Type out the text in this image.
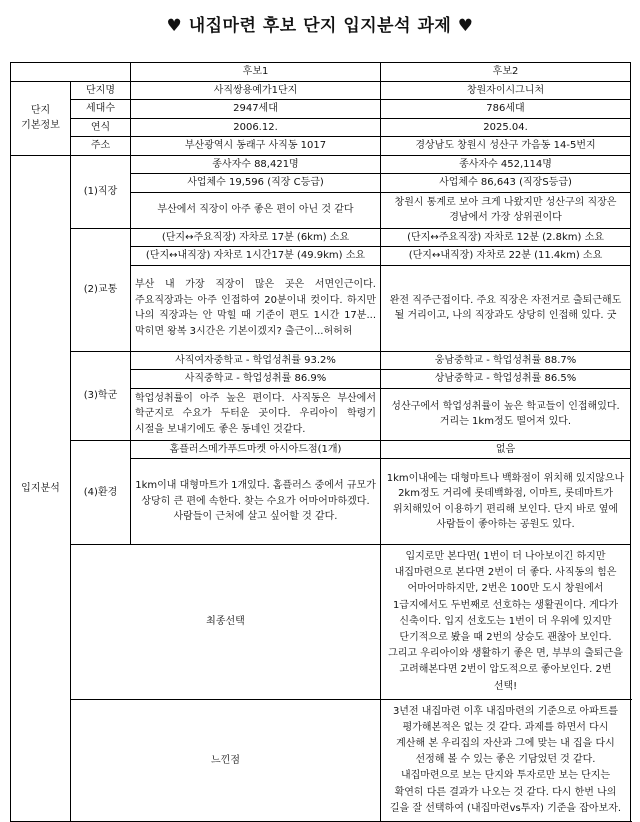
♥ 내집마련 후보 단지 입지분석 과제 ♥
		후보1	후보2
단지 기본정보	단지명	사직쌍용예가1단지	창원자이시그니처
	세대수	2947세대	786세대
	연식	2006.12.	2025.04.
	주소	부산광역시 동래구 사직동 1017	경상남도 창원시 성산구 가음동 14-5번지
입지분석	(1)직장	종사자수 88,421명	종사자수 452,114명
		사업체수 19,596 (직장 C등급)	사업체수 86,643 (직장S등급)
		부산에서 직장이 아주 좋은 편이 아닌 것 같다	창원시 통계로 보아 크게 나왔지만 성산구의 직장은 경남에서 가장 상위권이다
	(2)교통	(단지↔주요직장) 자차로 17분 (6km) 소요	(단지↔주요직장) 자차로 12분 (2.8km) 소요
		(단지↔내직장) 자차로 1시간17분 (49.9km) 소요	(단지↔내직장) 자차로 22분 (11.4km) 소요
		부산 내 가장 직장이 많은 곳은 서면인근이다. 주요직장과는 아주 인접하여 20분이내 컷이다. 하지만 나의 직장과는 안 막힐 때 기준이 편도 1시간 17분... 막히면 왕복 3시간은 기본이겠지? 출근이...허허허	완전 직주근접이다. 주요 직장은 자전거로 출퇴근해도 될 거리이고, 나의 직장과도 상당히 인접해 있다. 굿
	(3)학군	사직여자중학교 - 학업성취률 93.2%	웅남중학교 - 학업성취률 88.7%
		사직중학교 - 학업성취률 86.9%	상남중학교 - 학업성취률 86.5%
		학업성취률이 아주 높은 편이다. 사직동은 부산에서 학군지로 수요가 두터운 곳이다. 우리아이 학령기 시절을 보내기에도 좋은 동네인 것같다.	성산구에서 학업성취률이 높은 학교들이 인접해있다. 거리는 1km정도 떨어져 있다.
	(4)환경	홈플러스메가푸드마켓 아시아드점(1개)	없음
		1km이내 대형마트가 1개있다. 홈플러스 중에서 규모가 상당히 큰 편에 속한다. 찾는 수요가 어마어마하겠다. 사람들이 근처에 살고 싶어할 것 같다.	1km이내에는 대형마트나 백화점이 위치해 있지않으나 2km정도 거리에 롯데백화점, 이마트, 롯데마트가 위치해있어 이용하기 편리해 보인다. 단지 바로 옆에 사람들이 좋아하는 공원도 있다.
	최종선택		입지로만 본다면( 1번이 더 나아보이긴 하지만 내집마련으로 본다면 2번이 더 좋다. 사직동의 힘은 어마어마하지만, 2번은 100만 도시 창원에서 1급지에서도 두번째로 선호하는 생활권이다. 게다가 신축이다. 입지 선호도는 1번이 더 우위에 있지만 단기적으로 봤을 때 2번의 상승도 괜찮아 보인다. 그리고 우리아이와 생활하기 좋은 면, 부부의 출퇴근을 고려해본다면 2번이 압도적으로 좋아보인다. 2번 선택!
	느낀점		3년전 내집마련 이후 내집마련의 기준으로 아파트를 평가해본적은 없는 것 같다. 과제를 하면서 다시 계산해 본 우리집의 자산과 그에 맞는 내 집을 다시 선정해 볼 수 있는 좋은 기담었던 것 같다. 내집마련으로 보는 단지와 투자로만 보는 단지는 확연히 다른 결과가 나오는 것 같다. 다시 한번 나의 길을 잘 선택하여 (내집마련vs투자) 기준을 잡아보자.
